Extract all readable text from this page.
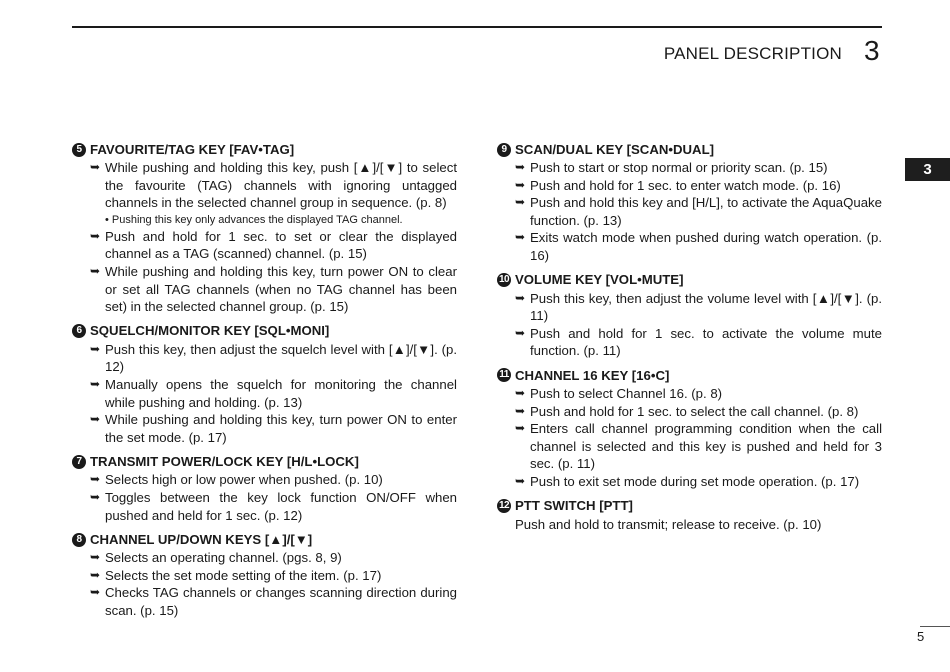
PANEL DESCRIPTION 3
3
5 FAVOURITE/TAG KEY [FAV•TAG]
➥ While pushing and holding this key, push [▲]/[▼] to select the favourite (TAG) channels with ignoring untagged channels in the selected channel group in sequence. (p. 8)
• Pushing this key only advances the displayed TAG channel.
➥ Push and hold for 1 sec. to set or clear the displayed channel as a TAG (scanned) channel. (p. 15)
➥ While pushing and holding this key, turn power ON to clear or set all TAG channels (when no TAG channel has been set) in the selected channel group. (p. 15)
6 SQUELCH/MONITOR KEY [SQL•MONI]
➥ Push this key, then adjust the squelch level with [▲]/[▼]. (p. 12)
➥ Manually opens the squelch for monitoring the channel while pushing and holding. (p. 13)
➥ While pushing and holding this key, turn power ON to enter the set mode. (p. 17)
7 TRANSMIT POWER/LOCK KEY [H/L•LOCK]
➥ Selects high or low power when pushed. (p. 10)
➥ Toggles between the key lock function ON/OFF when pushed and held for 1 sec. (p. 12)
8 CHANNEL UP/DOWN KEYS [▲]/[▼]
➥ Selects an operating channel. (pgs. 8, 9)
➥ Selects the set mode setting of the item. (p. 17)
➥ Checks TAG channels or changes scanning direction during scan. (p. 15)
9 SCAN/DUAL KEY [SCAN•DUAL]
➥ Push to start or stop normal or priority scan. (p. 15)
➥ Push and hold for 1 sec. to enter watch mode. (p. 16)
➥ Push and hold this key and [H/L], to activate the AquaQuake function. (p. 13)
➥ Exits watch mode when pushed during watch operation. (p. 16)
10 VOLUME KEY [VOL•MUTE]
➥ Push this key, then adjust the volume level with [▲]/[▼]. (p. 11)
➥ Push and hold for 1 sec. to activate the volume mute function. (p. 11)
11 CHANNEL 16 KEY [16•C]
➥ Push to select Channel 16. (p. 8)
➥ Push and hold for 1 sec. to select the call channel. (p. 8)
➥ Enters call channel programming condition when the call channel is selected and this key is pushed and held for 3 sec. (p. 11)
➥ Push to exit set mode during set mode operation. (p. 17)
12 PTT SWITCH [PTT]
Push and hold to transmit; release to receive. (p. 10)
5
